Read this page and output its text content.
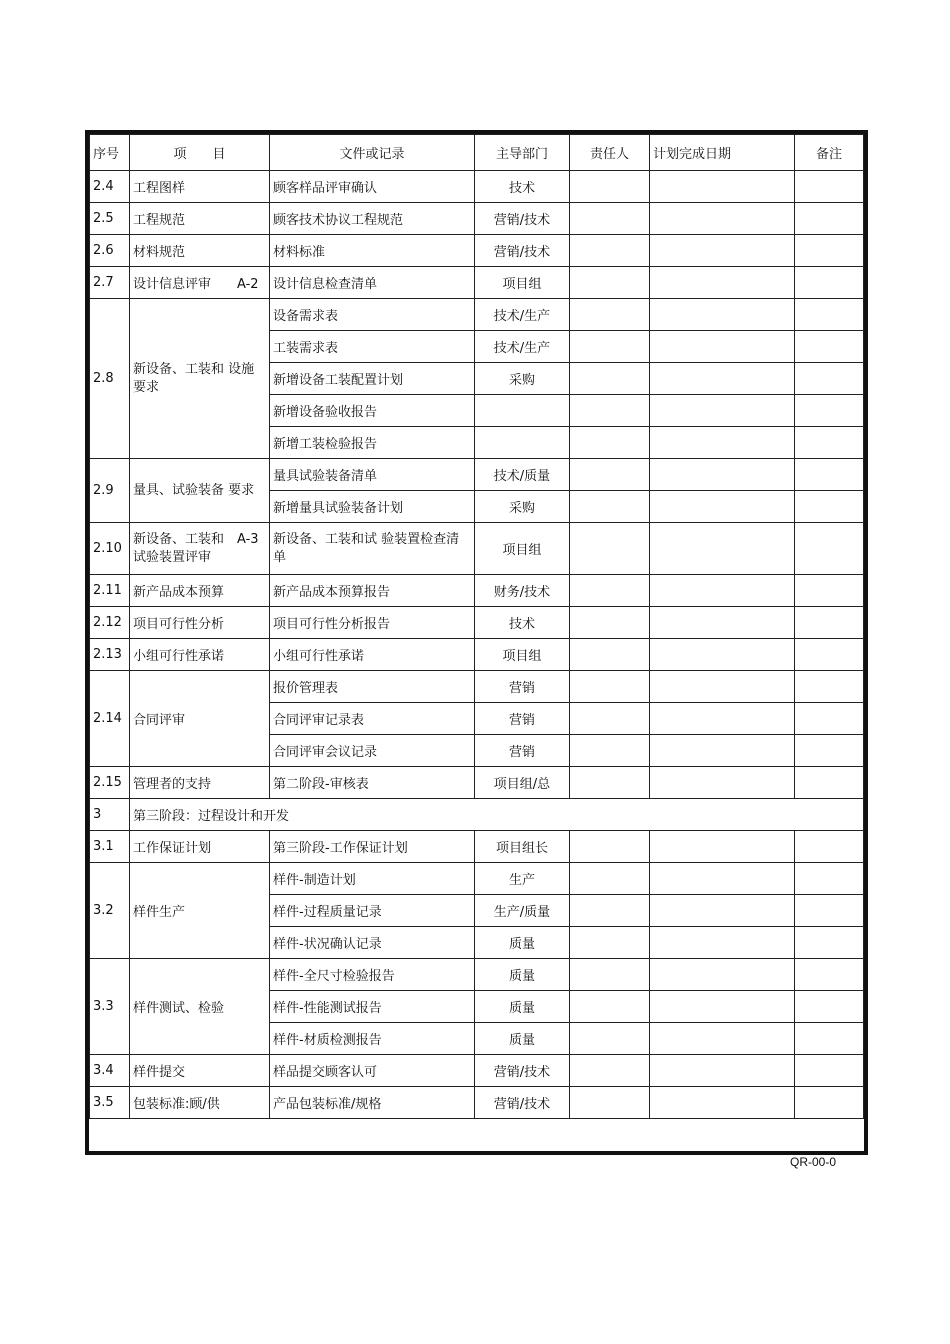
序号	项　　目	文件或记录	主导部门	责任人	计划完成日期	备注
2.4	工程图样	顾客样品评审确认	技术			
2.5	工程规范	顾客技术协议工程规范	营销/技术			
2.6	材料规范	材料标准	营销/技术			
2.7	设计信息评审　　A-2	设计信息检查清单	项目组			
2.8	新设备、工装和 设施要求	设备需求表	技术/生产			
		工装需求表	技术/生产			
		新增设备工装配置计划	采购			
		新增设备验收报告				
		新增工装检验报告				
2.9	量具、试验装备 要求	量具试验装备清单	技术/质量			
		新增量具试验装备计划	采购			
2.10	新设备、工装和　A-3 试验装置评审	新设备、工装和试 验装置检查清单	项目组			
2.11	新产品成本预算	新产品成本预算报告	财务/技术			
2.12	项目可行性分析	项目可行性分析报告	技术			
2.13	小组可行性承诺	小组可行性承诺	项目组			
2.14	合同评审	报价管理表	营销			
		合同评审记录表	营销			
		合同评审会议记录	营销			
2.15	管理者的支持	第二阶段-审核表	项目组/总			
3	第三阶段：过程设计和开发					
3.1	工作保证计划	第三阶段-工作保证计划	项目组长			
3.2	样件生产	样件-制造计划	生产			
		样件-过程质量记录	生产/质量			
		样件-状况确认记录	质量			
3.3	样件测试、检验	样件-全尺寸检验报告	质量			
		样件-性能测试报告	质量			
		样件-材质检测报告	质量			
3.4	样件提交	样品提交顾客认可	营销/技术			
3.5	包装标准:顾/供	产品包装标准/规格	营销/技术			
QR-00-0
